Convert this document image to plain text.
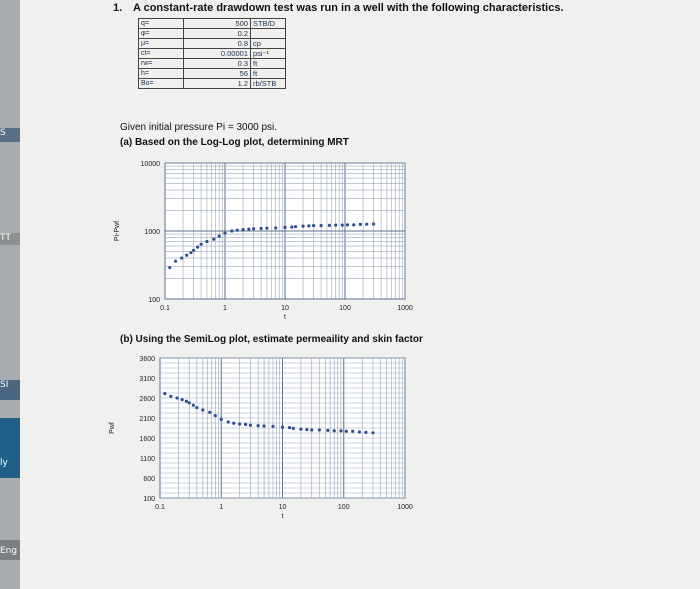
S
TT
SI
ly
Eng
1. A constant-rate drawdown test was run in a well with the following characteristics.
q=	500	STB/D
φ=	0.2	
μ=	0.8	cp
ct=	0.00001	psi⁻¹
rw=	0.3	ft
h=	56	ft
Bo=	1.2	rb/STB
Given initial pressure Pi = 3000 psi.
(a) Based on the Log-Log plot, determining MRT
(b) Using the SemiLog plot, estimate permeaility and skin factor
0.1	1	10	100	1000
100
1000
10000
t
Pi-Pwf
0.1	1	10	100	1000
100
600
1100
1600
2100
2600
3100
3600
t
Pwf
